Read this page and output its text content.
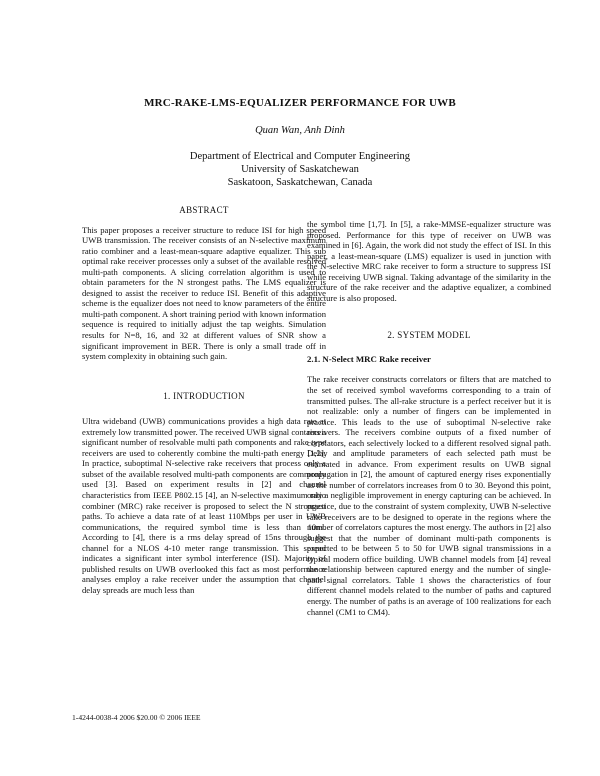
MRC-RAKE-LMS-EQUALIZER PERFORMANCE FOR UWB
Quan Wan, Anh Dinh
Department of Electrical and Computer Engineering
University of Saskatchewan
Saskatoon, Saskatchewan, Canada
ABSTRACT

This paper proposes a receiver structure to reduce ISI for high speed UWB transmission. The receiver consists of an N-selective maximum ratio combiner and a least-mean-square adaptive equalizer. This sub optimal rake receiver processes only a subset of the available resolved multi-path components. A slicing correlation algorithm is used to obtain parameters for the N strongest paths. The LMS equalizer is designed to assist the receiver to reduce ISI. Benefit of this adaptive scheme is the equalizer does not need to know parameters of the entire multi-path component. A short training period with known information sequence is required to initially adjust the tap weights. Simulation results for N=8, 16, and 32 at different values of SNR show a significant improvement in BER. There is only a small trade off in system complexity in obtaining such gain.

1. INTRODUCTION

Ultra wideband (UWB) communications provides a high data rate at extremely low transmitted power. The received UWB signal contains a significant number of resolvable multi path components and rake type receivers are used to coherently combine the multi-path energy [1,2]. In practice, suboptimal N-selective rake receivers that process only a subset of the available resolved multi-path components are commonly used [3]. Based on experiment results in [2] and channel characteristics from IEEE P802.15 [4], an N-selective maximum ratio combiner (MRC) rake receiver is proposed to select the N strongest paths. To achieve a data rate of at least 110Mbps per user in UWB communications, the required symbol time is less than 10ns. According to [4], there is a rms delay spread of 15ns through the channel for a NLOS 4-10 meter range transmission. This spread indicates a significant inter symbol interference (ISI). Majority of published results on UWB overlooked this fact as most performance analyses employ a rake receiver under the assumption that channel delay spreads are much less than

the symbol time [1,7]. In [5], a rake-MMSE-equalizer structure was proposed. Performance for this type of receiver on UWB was examined in [6]. Again, the work did not study the effect of ISI. In this paper, a least-mean-square (LMS) equalizer is used in junction with the N-selective MRC rake receiver to form a structure to suppress ISI while receiving UWB signal. Taking advantage of the similarity in the structure of the rake receiver and the adaptive equalizer, a combined structure is also proposed.

2. SYSTEM MODEL
2.1. N-Select MRC Rake receiver

The rake receiver constructs correlators or filters that are matched to the set of received symbol waveforms corresponding to a train of transmitted pulses. The all-rake structure is a perfect receiver but it is not realizable: only a number of fingers can be implemented in practice. This leads to the use of suboptimal N-selective rake receivers. The receivers combine outputs of a fixed number of correlators, each selectively locked to a different resolved signal path. Delay and amplitude parameters of each selected path must be estimated in advance. From experiment results on UWB signal propagation in [2], the amount of captured energy rises exponentially as the number of correlators increases from 0 to 30. Beyond this point, only a negligible improvement in energy capturing can be achieved. In practice, due to the constraint of system complexity, UWB N-selective rake receivers are to be designed to operate in the regions where the number of correlators captures the most energy. The authors in [2] also suggest that the number of dominant multi-path components is expected to be between 5 to 50 for UWB signal transmissions in a typical modern office building. UWB channel models from [4] reveal the relationship between captured energy and the number of single-path signal correlators. Table 1 shows the characteristics of four different channel models related to the number of paths and captured energy. The number of paths is an average of 100 realizations for each channel (CM1 to CM4).

1-4244-0038-4 2006 $20.00 © 2006 IEEE
